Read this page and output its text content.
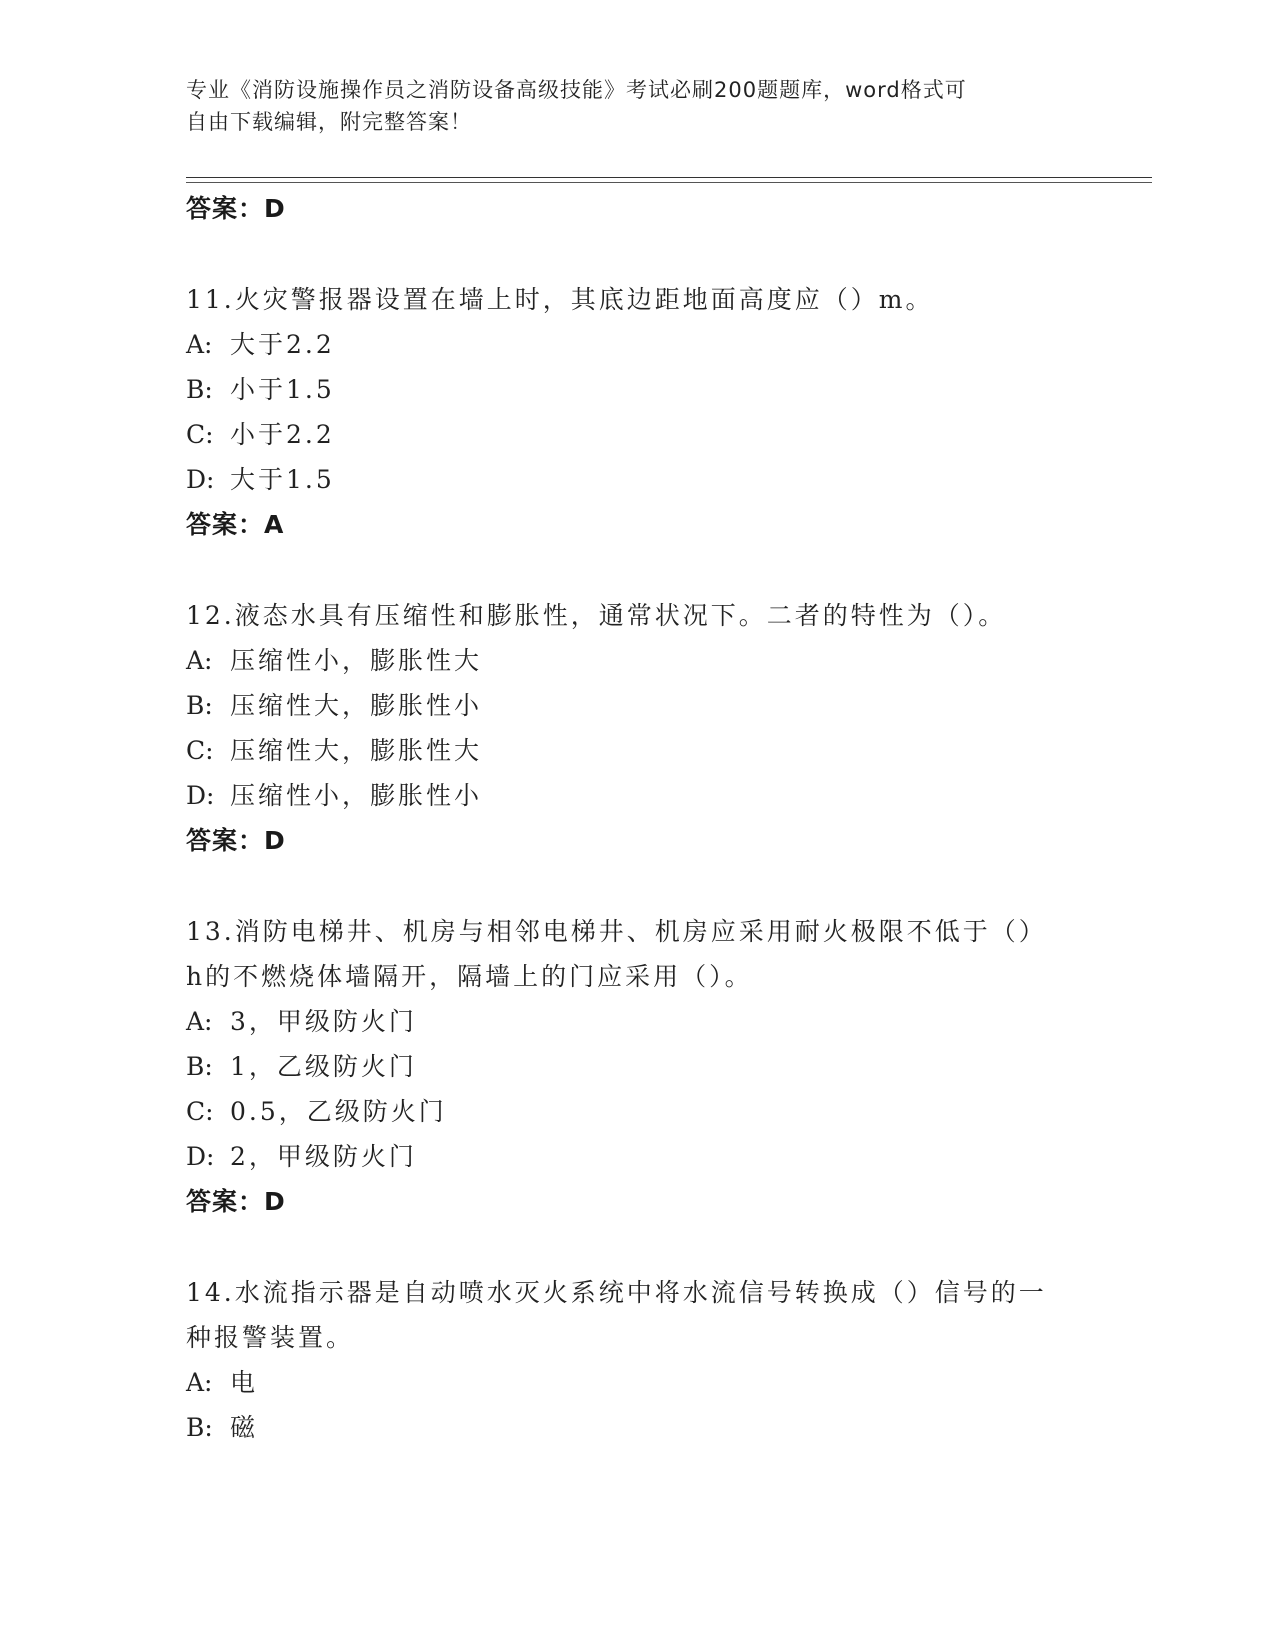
专业《消防设施操作员之消防设备高级技能》考试必刷200题题库，word格式可
自由下载编辑，附完整答案！
答案：D
11.火灾警报器设置在墙上时，其底边距地面高度应（）m。
A: 大于2.2
B: 小于1.5
C: 小于2.2
D: 大于1.5
答案：A
12.液态水具有压缩性和膨胀性，通常状况下。二者的特性为（）。
A: 压缩性小，膨胀性大
B: 压缩性大，膨胀性小
C: 压缩性大，膨胀性大
D: 压缩性小，膨胀性小
答案：D
13.消防电梯井、机房与相邻电梯井、机房应采用耐火极限不低于（）
h的不燃烧体墙隔开，隔墙上的门应采用（）。
A: 3，甲级防火门
B: 1，乙级防火门
C: 0.5，乙级防火门
D: 2，甲级防火门
答案：D
14.水流指示器是自动喷水灭火系统中将水流信号转换成（）信号的一
种报警装置。
A: 电
B: 磁
